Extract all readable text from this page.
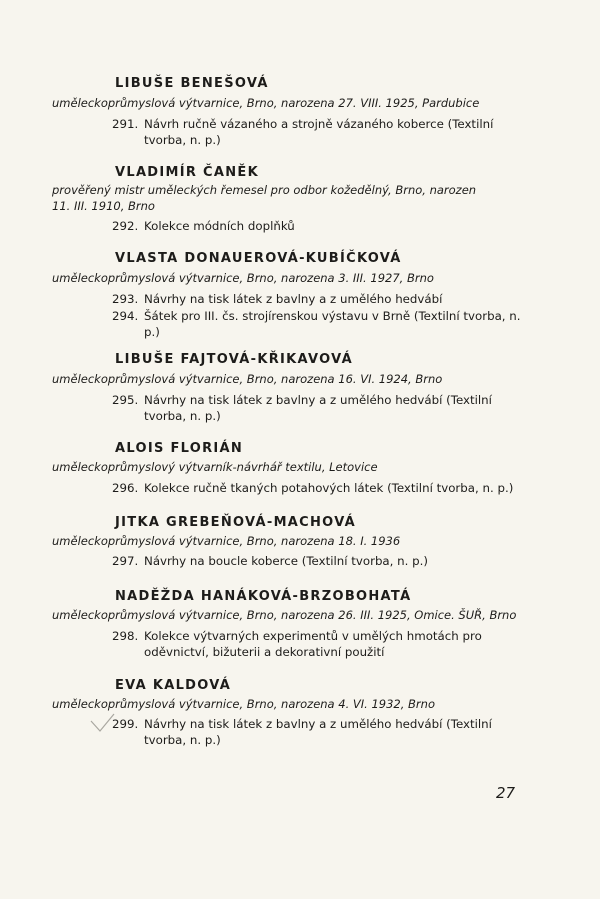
LIBUŠE BENEŠOVÁ
uměleckoprůmyslová výtvarnice, Brno, narozena 27. VIII. 1925, Pardubice
291. Návrh ručně vázaného a strojně vázaného koberce (Textilní tvorba, n. p.)
VLADIMÍR ČANĚK
prověřený mistr uměleckých řemesel pro odbor kožedělný, Brno, narozen 11. III. 1910, Brno
292. Kolekce módních doplňků
VLASTA DONAUEROVÁ-KUBÍČKOVÁ
uměleckoprůmyslová výtvarnice, Brno, narozena 3. III. 1927, Brno
293. Návrhy na tisk látek z bavlny a z umělého hedvábí
294. Šátek pro III. čs. strojírenskou výstavu v Brně (Textilní tvorba, n. p.)
LIBUŠE FAJTOVÁ-KŘIKAVOVÁ
uměleckoprůmyslová výtvarnice, Brno, narozena 16. VI. 1924, Brno
295. Návrhy na tisk látek z bavlny a z umělého hedvábí (Textilní tvorba, n. p.)
ALOIS FLORIÁN
uměleckoprůmyslový výtvarník-návrhář textilu, Letovice
296. Kolekce ručně tkaných potahových látek (Textilní tvorba, n. p.)
JITKA GREBEŇOVÁ-MACHOVÁ
uměleckoprůmyslová výtvarnice, Brno, narozena 18. I. 1936
297. Návrhy na boucle koberce (Textilní tvorba, n. p.)
NADĚŽDA HANÁKOVÁ-BRZOBOHATÁ
uměleckoprůmyslová výtvarnice, Brno, narozena 26. III. 1925, Omice. ŠUŘ, Brno
298. Kolekce výtvarných experimentů v umělých hmotách pro oděvnictví, bižuterii a dekorativní použití
EVA KALDOVÁ
uměleckoprůmyslová výtvarnice, Brno, narozena 4. VI. 1932, Brno
299. Návrhy na tisk látek z bavlny a z umělého hedvábí (Textilní tvorba, n. p.)
27
